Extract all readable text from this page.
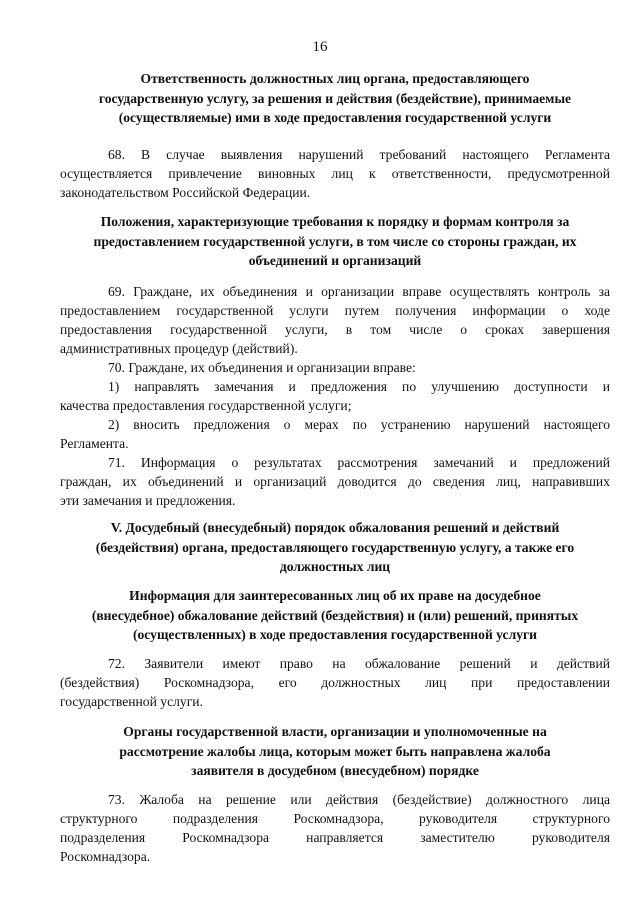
16
Ответственность должностных лиц органа, предоставляющего
государственную услугу, за решения и действия (бездействие), принимаемые
(осуществляемые) ими в ходе предоставления государственной услуги
68. В случае выявления нарушений требований настоящего Регламента
осуществляется привлечение виновных лиц к ответственности, предусмотренной
законодательством Российской Федерации.
Положения, характеризующие требования к порядку и формам контроля за
предоставлением государственной услуги, в том числе со стороны граждан, их
объединений и организаций
69. Граждане, их объединения и организации вправе осуществлять контроль за
предоставлением государственной услуги путем получения информации о ходе
предоставления государственной услуги, в том числе о сроках завершения
административных процедур (действий).
70. Граждане, их объединения и организации вправе:
1) направлять замечания и предложения по улучшению доступности и
качества предоставления государственной услуги;
2) вносить предложения о мерах по устранению нарушений настоящего
Регламента.
71. Информация о результатах рассмотрения замечаний и предложений
граждан, их объединений и организаций доводится до сведения лиц, направивших
эти замечания и предложения.
V. Досудебный (внесудебный) порядок обжалования решений и действий
(бездействия) органа, предоставляющего государственную услугу, а также его
должностных лиц
Информация для заинтересованных лиц об их праве на досудебное
(внесудебное) обжалование действий (бездействия) и (или) решений, принятых
(осуществленных) в ходе предоставления государственной услуги
72. Заявители имеют право на обжалование решений и действий
(бездействия) Роскомнадзора, его должностных лиц при предоставлении
государственной услуги.
Органы государственной власти, организации и уполномоченные на
рассмотрение жалобы лица, которым может быть направлена жалоба
заявителя в досудебном (внесудебном) порядке
73. Жалоба на решение или действия (бездействие) должностного лица
структурного подразделения Роскомнадзора, руководителя структурного
подразделения Роскомнадзора направляется заместителю руководителя
Роскомнадзора.
